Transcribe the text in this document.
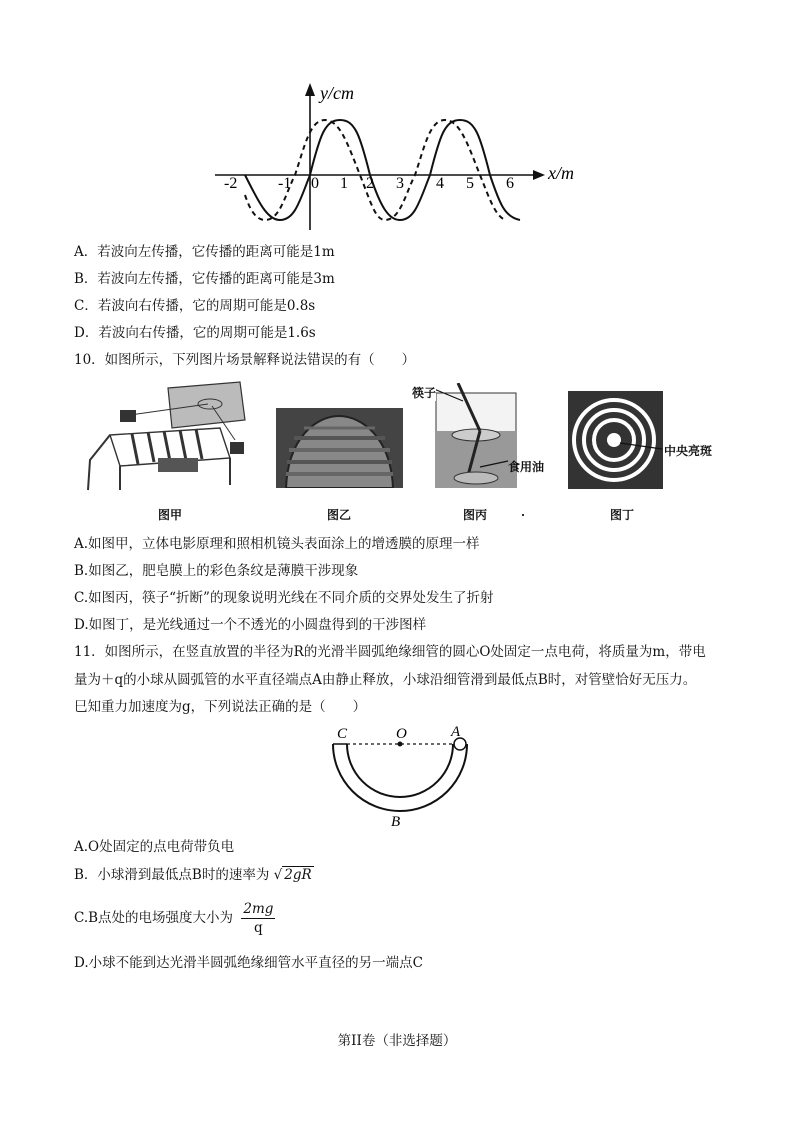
y/cm
x/m
-2	-1 0 1 2 3 4 5 6
A．若波向左传播，它传播的距离可能是1m
B．若波向左传播，它传播的距离可能是3m
C．若波向右传播，它的周期可能是0.8s
D．若波向右传播，它的周期可能是1.6s
10．如图所示，下列图片场景解释说法错误的有（　　）
图甲	图乙
筷子
食用油
图丙
中央亮斑
图丁
A.如图甲，立体电影原理和照相机镜头表面涂上的增透膜的原理一样
B.如图乙，肥皂膜上的彩色条纹是薄膜干涉现象
C.如图丙，筷子“折断”的现象说明光线在不同介质的交界处发生了折射
D.如图丁，是光线通过一个不透光的小圆盘得到的干涉图样
11．如图所示，在竖直放置的半径为R的光滑半圆弧绝缘细管的圆心O处固定一点电荷，将质量为m，带电
量为＋q的小球从圆弧管的水平直径端点A由静止释放，小球沿细管滑到最低点B时，对管壁恰好无压力。
巳知重力加速度为g，下列说法正确的是（　　）
C	O	A
B
A.O处固定的点电荷带负电
B．小球滑到最低点B时的速率为 √ 2gR
C.B点处的电场强度大小为 $\frac{2mg}{q}$
D.小球不能到达光滑半圆弧绝缘细管水平直径的另一端点C
第II卷（非选择题）
